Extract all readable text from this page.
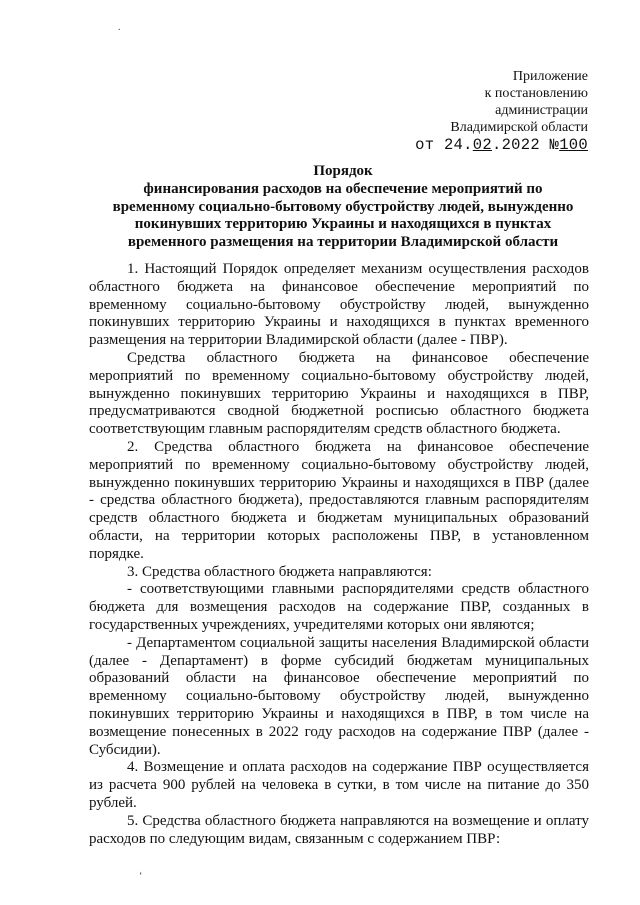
.
Приложение
к постановлению
администрации
Владимирской области
от 24.02.2022 №100
Порядок
финансирования расходов на обеспечение мероприятий по
временному социально-бытовому обустройству людей, вынужденно
покинувших территорию Украины и находящихся в пунктах
временного размещения на территории Владимирской области

1. Настоящий Порядок определяет механизм осуществления расходов областного бюджета на финансовое обеспечение мероприятий по временному социально-бытовому обустройству людей, вынужденно покинувших территорию Украины и находящихся в пунктах временного размещения на территории Владимирской области (далее - ПВР).

Средства областного бюджета на финансовое обеспечение мероприятий по временному социально-бытовому обустройству людей, вынужденно покинувших территорию Украины и находящихся в ПВР, предусматриваются сводной бюджетной росписью областного бюджета соответствующим главным распорядителям средств областного бюджета.

2. Средства областного бюджета на финансовое обеспечение мероприятий по временному социально-бытовому обустройству людей, вынужденно покинувших территорию Украины и находящихся в ПВР (далее - средства областного бюджета), предоставляются главным распорядителям средств областного бюджета и бюджетам муниципальных образований области, на территории которых расположены ПВР, в установленном порядке.

3. Средства областного бюджета направляются:

- соответствующими главными распорядителями средств областного бюджета для возмещения расходов на содержание ПВР, созданных в государственных учреждениях, учредителями которых они являются;

- Департаментом социальной защиты населения Владимирской области (далее - Департамент) в форме субсидий бюджетам муниципальных образований области на финансовое обеспечение мероприятий по временному социально-бытовому обустройству людей, вынужденно покинувших территорию Украины и находящихся в ПВР, в том числе на возмещение понесенных в 2022 году расходов на содержание ПВР (далее - Субсидии).

4. Возмещение и оплата расходов на содержание ПВР осуществляется из расчета 900 рублей на человека в сутки, в том числе на питание до 350 рублей.

5. Средства областного бюджета направляются на возмещение и оплату расходов по следующим видам, связанным с содержанием ПВР:

‘
